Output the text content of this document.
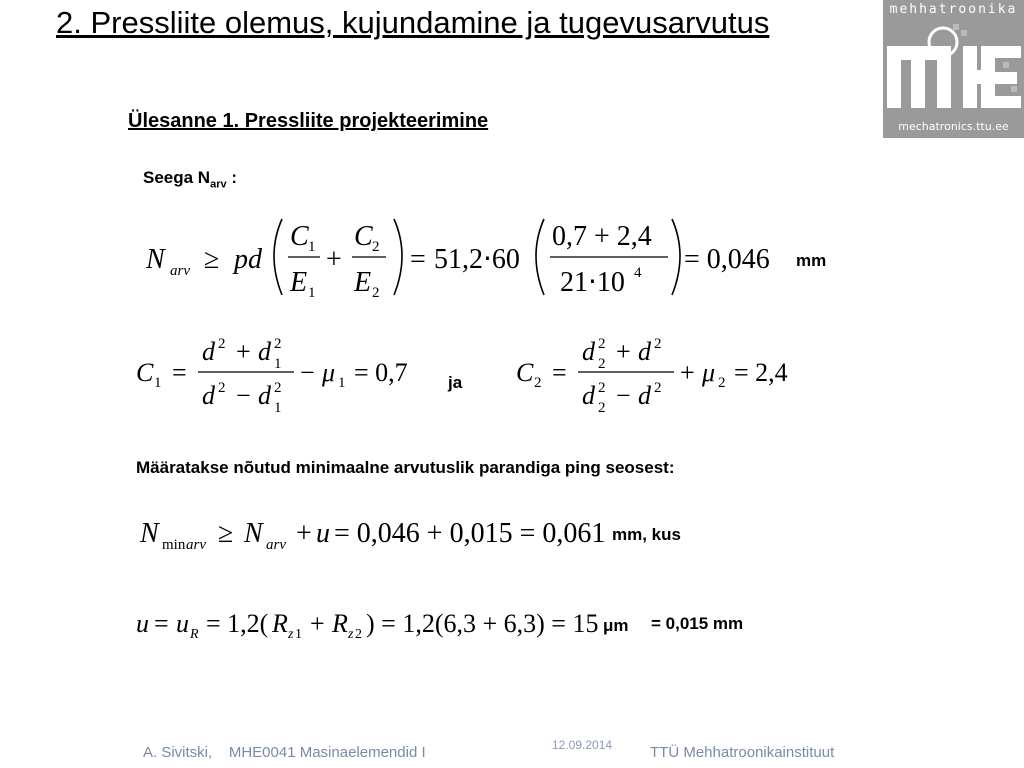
2. Pressliite olemus, kujundamine ja tugevusarvutus	mehhatroonika
mechatronics.ttu.ee
Ülesanne 1. Pressliite projekteerimine
Seega $N_{arv}$ :
N arv ≥ pd
C 1
E 1
+
C 2
E 2
= 51,2⋅60
0,7 + 2,4
21⋅10 4 = 0,046 mm
C 1 =
d 2 + d 2
1
d 2 − d 2
1
− μ 1 = 0,7 ja C 2 =
d 2
2 + d 2
d 2
2 − d 2
+ μ 2 = 2,4
Määratakse nõutud minimaalne arvutuslik parandiga ping seosest:
N min arv ≥ N arv + u = 0,046 + 0,015 = 0,061 mm, kus
u = u R = 1,2( R z 1 + R z 2 ) = 1,2(6,3 + 6,3) = 15 μm = 0,015 mm
A. Sivitski,    MHE0041 Masinaelemendid I	12.09.2014	TTÜ Mehhatroonikainstituut
